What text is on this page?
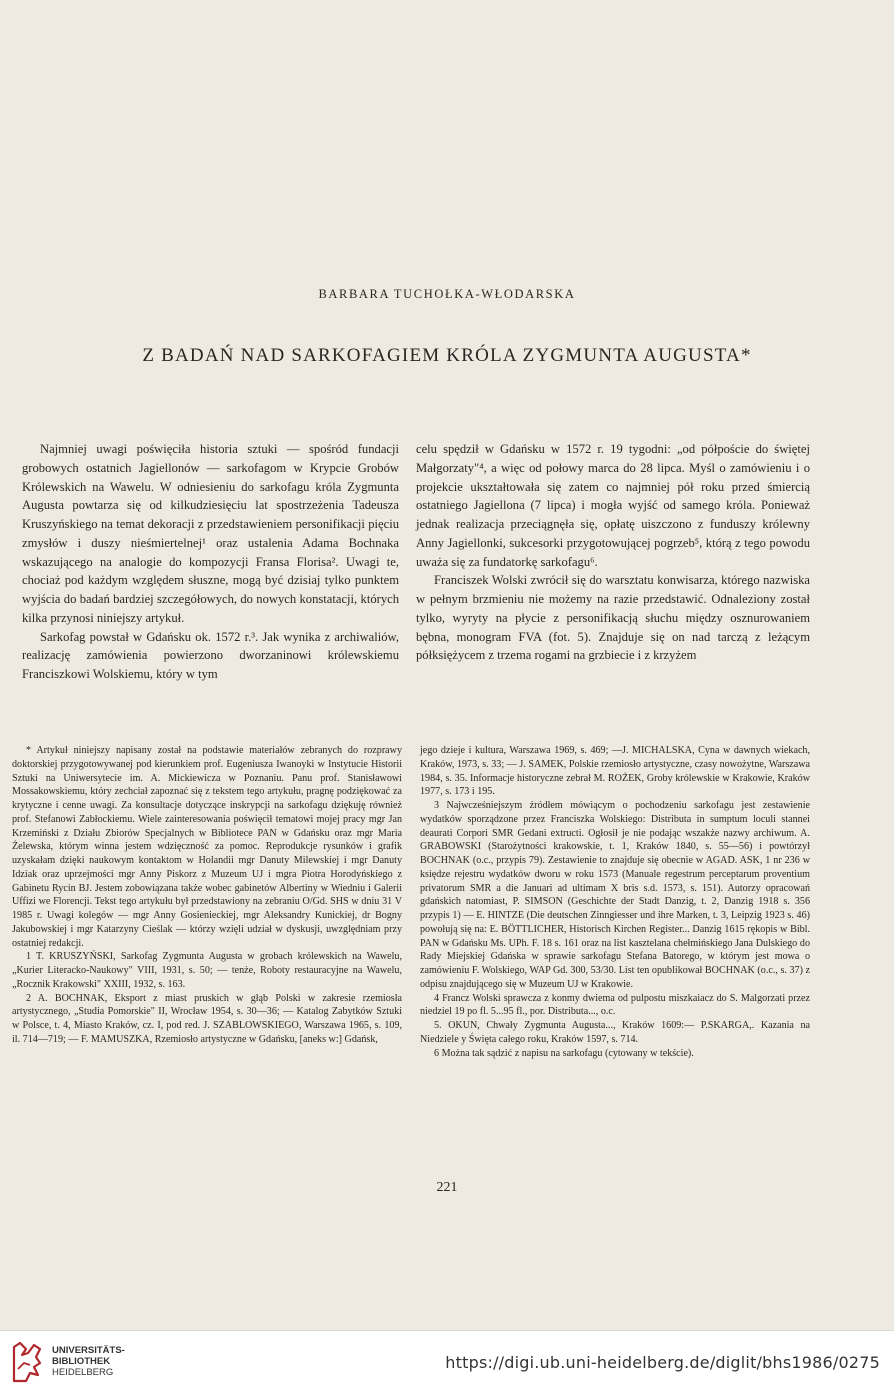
BARBARA TUCHOŁKA-WŁODARSKA
Z BADAŃ NAD SARKOFAGIEM KRÓLA ZYGMUNTA AUGUSTA*

Najmniej uwagi poświęciła historia sztuki — spośród fundacji grobowych ostatnich Jagiellonów — sarkofagom w Krypcie Grobów Królewskich na Wawelu. W odniesieniu do sarkofagu króla Zygmunta Augusta powtarza się od kilkudziesięciu lat spostrzeżenia Tadeusza Kruszyńskiego na temat dekoracji z przedstawieniem personifikacji pięciu zmysłów i duszy nieśmiertelnej¹ oraz ustalenia Adama Bochnaka wskazującego na analogie do kompozycji Fransa Florisa². Uwagi te, chociaż pod każdym względem słuszne, mogą być dzisiaj tylko punktem wyjścia do badań bardziej szczegółowych, do nowych konstatacji, których kilka przynosi niniejszy artykuł.

Sarkofag powstał w Gdańsku ok. 1572 r.³. Jak wynika z archiwaliów, realizację zamówienia powierzono dworzaninowi królewskiemu Franciszkowi Wolskiemu, który w tym

celu spędził w Gdańsku w 1572 r. 19 tygodni: „od półpoście do świętej Małgorzaty"⁴, a więc od połowy marca do 28 lipca. Myśl o zamówieniu i o projekcie ukształtowała się zatem co najmniej pół roku przed śmiercią ostatniego Jagiellona (7 lipca) i mogła wyjść od samego króla. Ponieważ jednak realizacja przeciągnęła się, opłatę uiszczono z funduszy królewny Anny Jagiellonki, sukcesorki przygotowującej pogrzeb⁵, którą z tego powodu uważa się za fundatorkę sarkofagu⁶.

Franciszek Wolski zwrócił się do warsztatu konwisarza, którego nazwiska w pełnym brzmieniu nie możemy na razie przedstawić. Odnaleziony został tylko, wyryty na płycie z personifikacją słuchu między osznurowaniem bębna, monogram FVA (fot. 5). Znajduje się on nad tarczą z leżącym półksiężycem z trzema rogami na grzbiecie i z krzyżem

* Artykuł niniejszy napisany został na podstawie materiałów zebranych do rozprawy doktorskiej przygotowywanej pod kierunkiem prof. Eugeniusza Iwanoyki w Instytucie Historii Sztuki na Uniwersytecie im. A. Mickiewicza w Poznaniu. Panu prof. Stanisławowi Mossakowskiemu, który zechciał zapoznać się z tekstem tego artykułu, pragnę podziękować za krytyczne i cenne uwagi. Za konsultacje dotyczące inskrypcji na sarkofagu dziękuję również prof. Stefanowi Zabłockiemu. Wiele zainteresowania poświęcił tematowi mojej pracy mgr Jan Krzemiński z Działu Zbiorów Specjalnych w Bibliotece PAN w Gdańsku oraz mgr Maria Żelewska, którym winna jestem wdzięczność za pomoc. Reprodukcje rysunków i grafik uzyskałam dzięki naukowym kontaktom w Holandii mgr Danuty Milewskiej i mgr Danuty Idziak oraz uprzejmości mgr Anny Piskorz z Muzeum UJ i mgra Piotra Horodyńskiego z Gabinetu Rycin BJ. Jestem zobowiązana także wobec gabinetów Albertiny w Wiedniu i Galerii Uffizi we Florencji. Tekst tego artykułu był przedstawiony na zebraniu O/Gd. SHS w dniu 31 V 1985 r. Uwagi kolegów — mgr Anny Gosienieckiej, mgr Aleksandry Kunickiej, dr Bogny Jakubowskiej i mgr Katarzyny Cieślak — którzy wzięli udział w dyskusji, uwzględniam przy ostatniej redakcji.

1 T. KRUSZYŃSKI, Sarkofag Zygmunta Augusta w grobach królewskich na Wawelu, „Kurier Literacko-Naukowy" VIII, 1931, s. 50; — tenże, Roboty restauracyjne na Wawelu, „Rocznik Krakowski" XXIII, 1932, s. 163.

2 A. BOCHNAK, Eksport z miast pruskich w głąb Polski w zakresie rzemiosła artystycznego, „Studia Pomorskie" II, Wrocław 1954, s. 30—36; — Katalog Zabytków Sztuki w Polsce, t. 4, Miasto Kraków, cz. I, pod red. J. SZABLOWSKIEGO, Warszawa 1965, s. 109, il. 714—719; — F. MAMUSZKA, Rzemiosło artystyczne w Gdańsku, [aneks w:] Gdańsk,

jego dzieje i kultura, Warszawa 1969, s. 469; —J. MICHALSKA, Cyna w dawnych wiekach, Kraków, 1973, s. 33; — J. SAMEK, Polskie rzemiosło artystyczne, czasy nowożytne, Warszawa 1984, s. 35. Informacje historyczne zebrał M. ROŻEK, Groby królewskie w Krakowie, Kraków 1977, s. 173 i 195.

3 Najwcześniejszym źródłem mówiącym o pochodzeniu sarkofagu jest zestawienie wydatków sporządzone przez Franciszka Wolskiego: Distributa in sumptum loculi stannei deaurati Corpori SMR Gedani extructi. Ogłosił je nie podając wszakże nazwy archiwum. A. GRABOWSKI (Starożytności krakowskie, t. 1, Kraków 1840, s. 55—56) i powtórzył BOCHNAK (o.c., przypis 79). Zestawienie to znajduje się obecnie w AGAD. ASK, 1 nr 236 w księdze rejestru wydatków dworu w roku 1573 (Manuale regestrum perceptarum proventium privatorum SMR a die Januari ad ultimam X bris s.d. 1573, s. 151). Autorzy opracowań gdańskich natomiast, P. SIMSON (Geschichte der Stadt Danzig, t. 2, Danzig 1918 s. 356 przypis 1) — E. HINTZE (Die deutschen Zinngiesser und ihre Marken, t. 3, Leipzig 1923 s. 46) powołują się na: E. BÖTTLICHER, Historisch Kirchen Register... Danzig 1615 rękopis w Bibl. PAN w Gdańsku Ms. UPh. F. 18 s. 161 oraz na list kasztelana chełmińskiego Jana Dulskiego do Rady Miejskiej Gdańska w sprawie sarkofagu Stefana Batorego, w którym jest mowa o zamówieniu F. Wolskiego, WAP Gd. 300, 53/30. List ten opublikował BOCHNAK (o.c., s. 37) z odpisu znajdującego się w Muzeum UJ w Krakowie.

4 Francz Wolski sprawcza z konmy dwiema od pulpostu miszkaiacz do S. Malgorzati przez niedziel 19 po fl. 5...95 fl., por. Distributa..., o.c.

5. OKUN, Chwały Zygmunta Augusta..., Kraków 1609:— P.SKARGA,. Kazania na Niedziele y Święta całego roku, Kraków 1597, s. 714.

6 Można tak sądzić z napisu na sarkofagu (cytowany w tekście).

221
UNIVERSITÄTS-
BIBLIOTHEK
HEIDELBERG
https://digi.ub.uni-heidelberg.de/diglit/bhs1986/0275
